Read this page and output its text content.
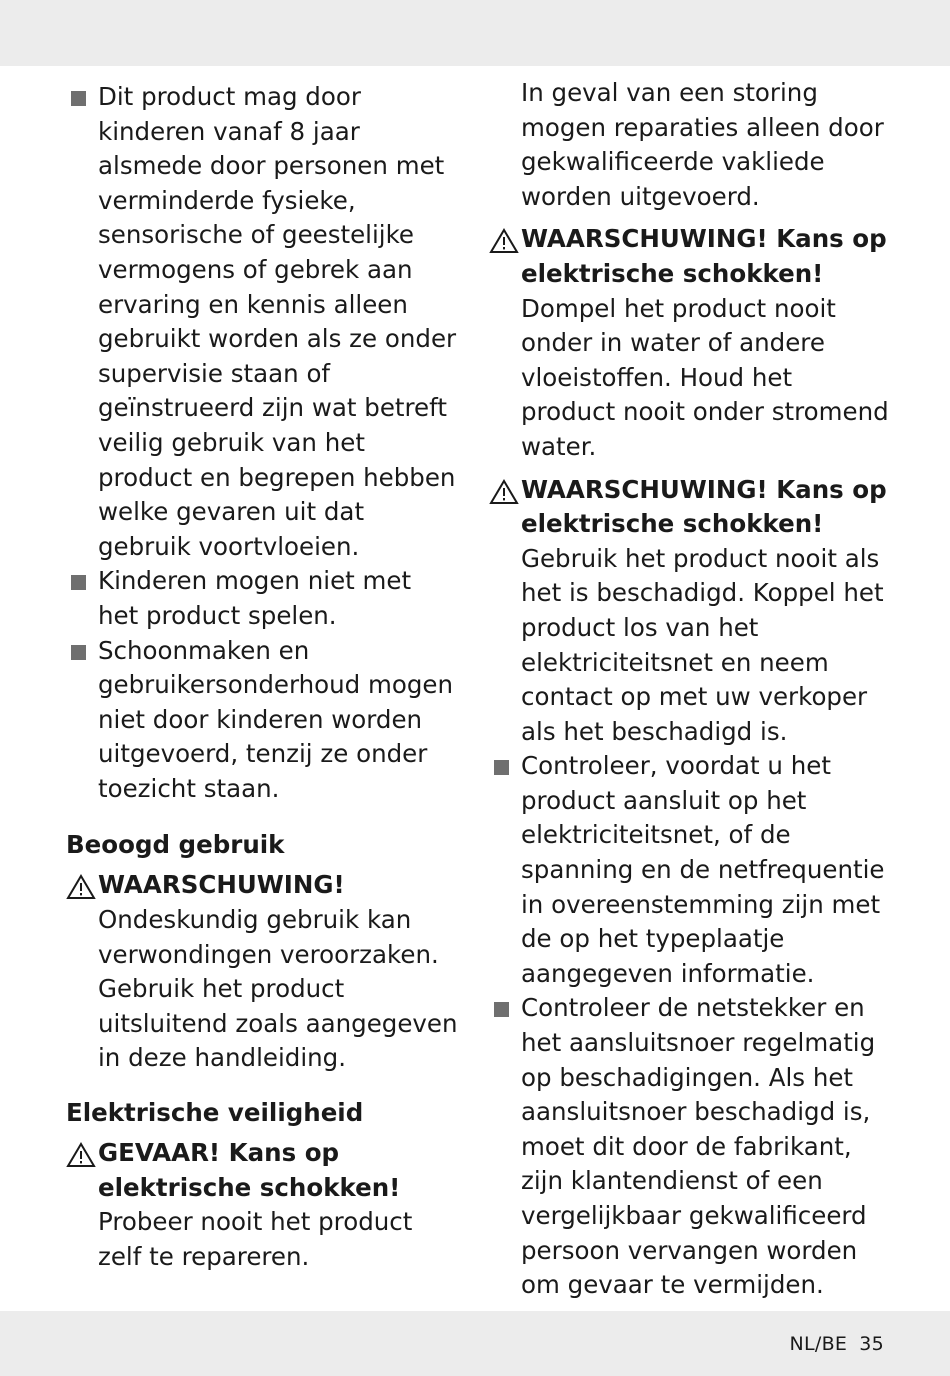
Dit product mag door kinderen vanaf 8 jaar alsmede door personen met verminderde fysieke, sensorische of geestelijke vermogens of gebrek aan ervaring en kennis alleen gebruikt worden als ze onder supervisie staan of geïnstrueerd zijn wat betreft veilig gebruik van het product en begrepen hebben welke gevaren uit dat gebruik voortvloeien.
Kinderen mogen niet met het product spelen.
Schoonmaken en gebruikersonderhoud mogen niet door kinderen worden uitgevoerd, tenzij ze onder toezicht staan.
Beoogd gebruik
WAARSCHUWING!
Ondeskundig gebruik kan verwondingen veroorzaken. Gebruik het product uitsluitend zoals aangegeven in deze handleiding.
Elektrische veiligheid
GEVAAR! Kans op elektrische schokken!
Probeer nooit het product zelf te repareren.
In geval van een storing mogen reparaties alleen door gekwalificeerde vakliede worden uitgevoerd.
WAARSCHUWING! Kans op elektrische schokken!
Dompel het product nooit onder in water of andere vloeistoffen. Houd het product nooit onder stromend water.
WAARSCHUWING! Kans op elektrische schokken!
Gebruik het product nooit als het is beschadigd. Koppel het product los van het elektriciteitsnet en neem contact op met uw verkoper als het beschadigd is.
Controleer, voordat u het product aansluit op het elektriciteitsnet, of de spanning en de netfrequentie in overeenstemming zijn met de op het typeplaatje aangegeven informatie.
Controleer de netstekker en het aansluitsnoer regelmatig op beschadigingen. Als het aansluitsnoer beschadigd is, moet dit door de fabrikant, zijn klantendienst of een vergelijkbaar gekwalificeerd persoon vervangen worden om gevaar te vermijden.
NL/BE 35
